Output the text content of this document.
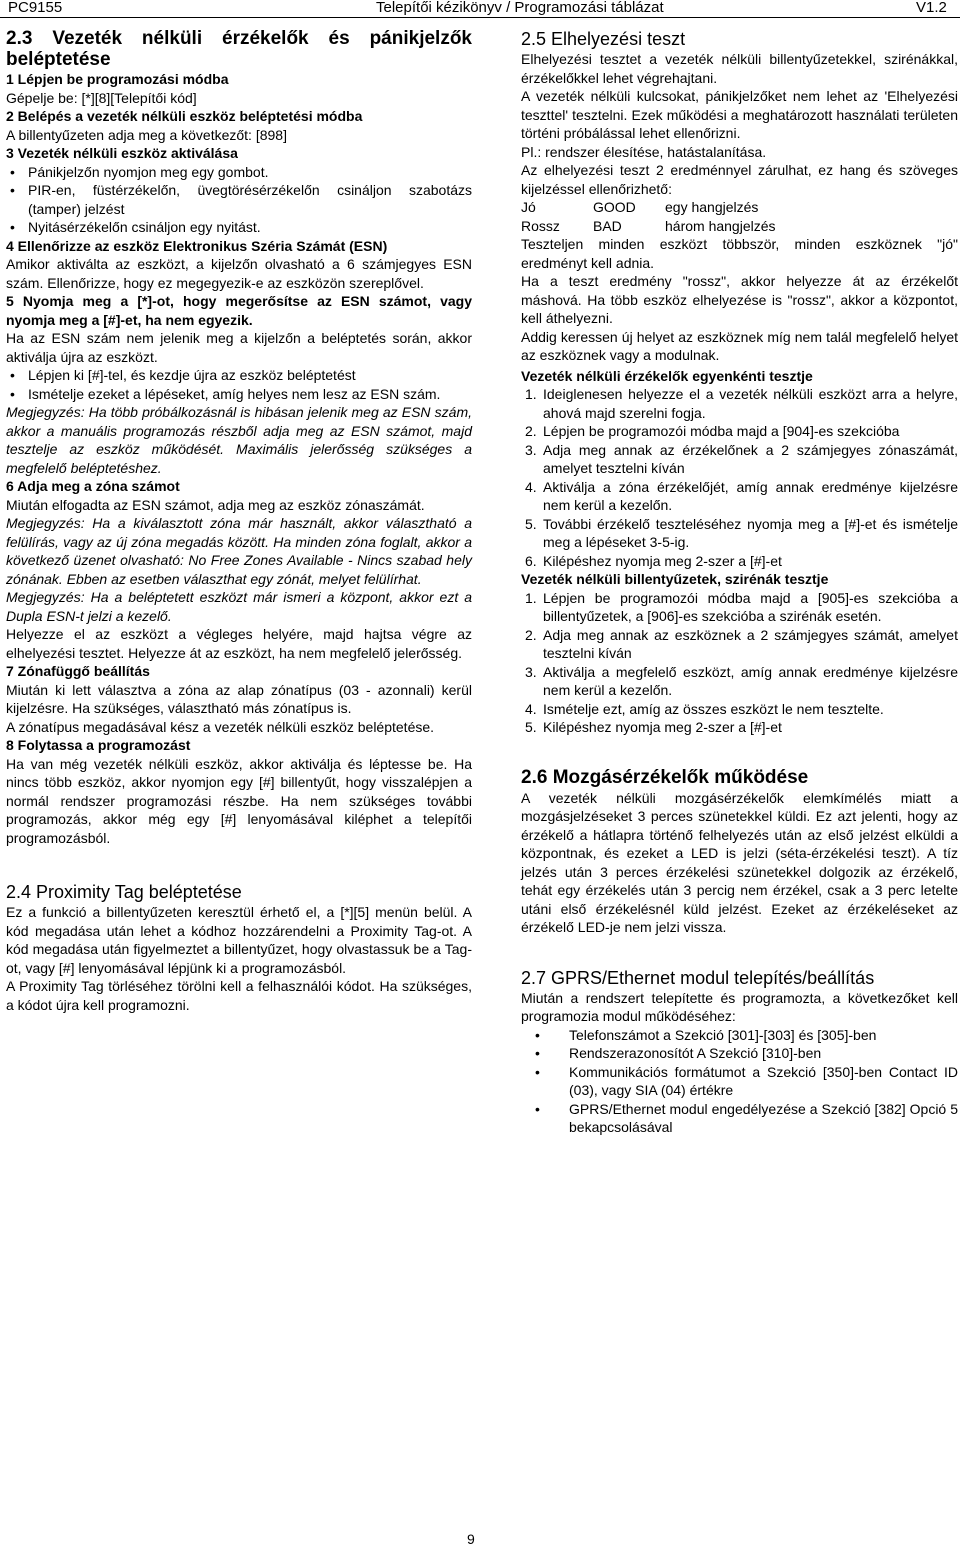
PC9155	Telepítői kézikönyv / Programozási táblázat	V1.2

2.3 Vezeték nélküli érzékelők és pánikjelzők beléptetése

1 Lépjen be programozási módba

Gépelje be: [*][8][Telepítői kód]

2 Belépés a vezeték nélküli eszköz beléptetési módba

A billentyűzeten adja meg a következőt: [898]

3 Vezeték nélküli eszköz aktiválása

• Pánikjelzőn nyomjon meg egy gombot.
• PIR-en, füstérzékelőn, üvegtörésérzékelőn csináljon szabotázs (tamper) jelzést
• Nyitásérzékelőn csináljon egy nyitást.

4 Ellenőrizze az eszköz Elektronikus Széria Számát (ESN)

Amikor aktiválta az eszközt, a kijelzőn olvasható a 6 számjegyes ESN szám. Ellenőrizze, hogy ez megegyezik-e az eszközön szereplővel.

5 Nyomja meg a [*]-ot, hogy megerősítse az ESN számot, vagy nyomja meg a [#]-et, ha nem egyezik.

Ha az ESN szám nem jelenik meg a kijelzőn a beléptetés során, akkor aktiválja újra az eszközt.

• Lépjen ki [#]-tel, és kezdje újra az eszköz beléptetést
• Ismételje ezeket a lépéseket, amíg helyes nem lesz az ESN szám.

Megjegyzés: Ha több próbálkozásnál is hibásan jelenik meg az ESN szám, akkor a manuális programozás részből adja meg az ESN számot, majd tesztelje az eszköz működését. Maximális jelerősség szükséges a megfelelő beléptetéshez.

6 Adja meg a zóna számot

Miután elfogadta az ESN számot, adja meg az eszköz zónaszámát.

Megjegyzés: Ha a kiválasztott zóna már használt, akkor választható a felülírás, vagy az új zóna megadás között. Ha minden zóna foglalt, akkor a következő üzenet olvasható: No Free Zones Available - Nincs szabad hely zónának. Ebben az esetben választhat egy zónát, melyet felülírhat.

Megjegyzés: Ha a beléptetett eszközt már ismeri a központ, akkor ezt a Dupla ESN-t jelzi a kezelő.

Helyezze el az eszközt a végleges helyére, majd hajtsa végre az elhelyezési tesztet. Helyezze át az eszközt, ha nem megfelelő jelerősség.

7 Zónafüggő beállítás

Miután ki lett választva a zóna az alap zónatípus (03 - azonnali) kerül kijelzésre. Ha szükséges, választható más zónatípus is.

A zónatípus megadásával kész a vezeték nélküli eszköz beléptetése.

8 Folytassa a programozást

Ha van még vezeték nélküli eszköz, akkor aktiválja és léptesse be. Ha nincs több eszköz, akkor nyomjon egy [#] billentyűt, hogy visszalépjen a normál rendszer programozási részbe. Ha nem szükséges további programozás, akkor még egy [#] lenyomásával kiléphet a telepítői programozásból.

2.4 Proximity Tag beléptetése

Ez a funkció a billentyűzeten keresztül érhető el, a [*][5] menün belül. A kód megadása után lehet a kódhoz hozzárendelni a Proximity Tag-ot. A kód megadása után figyelmeztet a billentyűzet, hogy olvastassuk be a Tag-ot, vagy [#] lenyomásával lépjünk ki a programozásból.

A Proximity Tag törléséhez törölni kell a felhasználói kódot. Ha szükséges, a kódot újra kell programozni.

2.5 Elhelyezési teszt

Elhelyezési tesztet a vezeték nélküli billentyűzetekkel, szirénákkal, érzékelőkkel lehet végrehajtani.

A vezeték nélküli kulcsokat, pánikjelzőket nem lehet az 'Elhelyezési teszttel' tesztelni. Ezek működési a meghatározott használati területen történi próbálással lehet ellenőrizni.

Pl.: rendszer élesítése, hatástalanítása.

Az elhelyezési teszt 2 eredménnyel zárulhat, ez hang és szöveges kijelzéssel ellenőrizhető:

Jó	GOOD	egy hangjelzés
Rossz	BAD	három hangjelzés

Teszteljen minden eszközt többször, minden eszköznek "jó" eredményt kell adnia.

Ha a teszt eredmény "rossz", akkor helyezze át az érzékelőt máshová. Ha több eszköz elhelyezése is "rossz", akkor a központot, kell áthelyezni.

Addig keressen új helyet az eszköznek míg nem talál megfelelő helyet az eszköznek vagy a modulnak.

Vezeték nélküli érzékelők egyenkénti tesztje

1. Ideiglenesen helyezze el a vezeték nélküli eszközt arra a helyre, ahová majd szerelni fogja.
2. Lépjen be programozói módba majd a [904]-es szekcióba
3. Adja meg annak az érzékelőnek a 2 számjegyes zónaszámát, amelyet tesztelni kíván
4. Aktiválja a zóna érzékelőjét, amíg annak eredménye kijelzésre nem kerül a kezelőn.
5. További érzékelő teszteléséhez nyomja meg a [#]-et és ismételje meg a lépéseket 3-5-ig.
6. Kilépéshez nyomja meg 2-szer a [#]-et

Vezeték nélküli billentyűzetek, szirénák tesztje

1. Lépjen be programozói módba majd a [905]-es szekcióba a billentyűzetek, a [906]-es szekcióba a szirénák esetén.
2. Adja meg annak az eszköznek a 2 számjegyes számát, amelyet tesztelni kíván
3. Aktiválja a megfelelő eszközt, amíg annak eredménye kijelzésre nem kerül a kezelőn.
4. Ismételje ezt, amíg az összes eszközt le nem tesztelte.
5. Kilépéshez nyomja meg 2-szer a [#]-et

2.6 Mozgásérzékelők működése

A vezeték nélküli mozgásérzékelők elemkímélés miatt a mozgásjelzéseket 3 perces szünetekkel küldi. Ez azt jelenti, hogy az érzékelő a hátlapra történő felhelyezés után az első jelzést elküldi a központnak, és ezeket a LED is jelzi (séta-érzékelési teszt). A tíz jelzés után 3 perces érzékelési szünetekkel dolgozik az érzékelő, tehát egy érzékelés után 3 percig nem érzékel, csak a 3 perc letelte utáni első érzékelésnél küld jelzést. Ezeket az érzékeléseket az érzékelő LED-je nem jelzi vissza.

2.7 GPRS/Ethernet modul telepítés/beállítás

Miután a rendszert telepítette és programozta, a következőket kell programozia modul működéséhez:

• Telefonszámot a Szekció [301]-[303] és [305]-ben
• Rendszerazonosítót A Szekció [310]-ben
• Kommunikációs formátumot a Szekció [350]-ben Contact ID (03), vagy SIA (04) értékre
• GPRS/Ethernet modul engedélyezése a Szekció [382] Opció 5 bekapcsolásával
9
